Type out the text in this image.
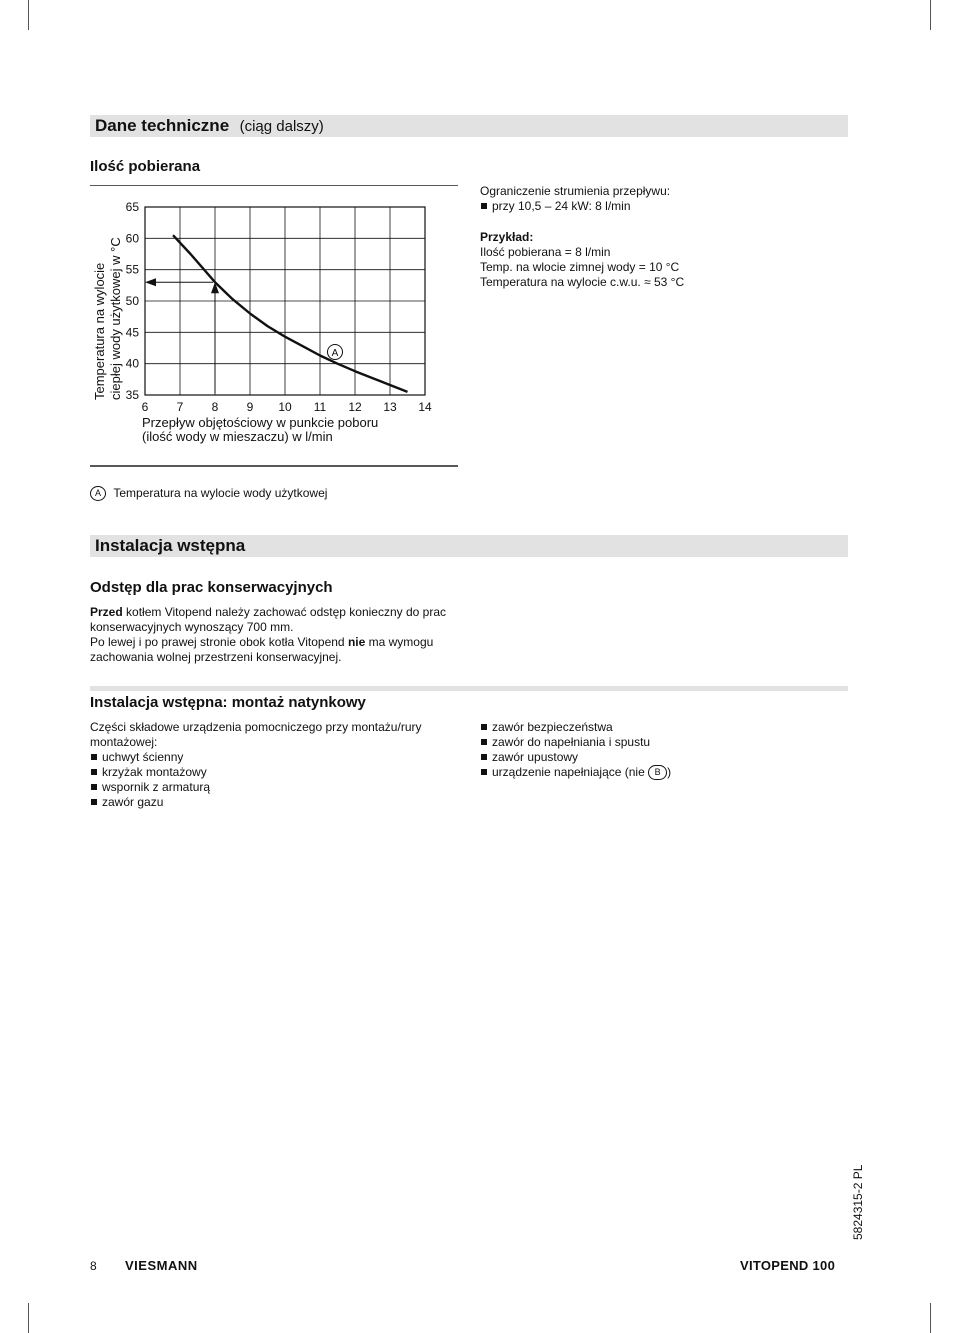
Dane techniczne (ciąg dalszy)
Ilość pobierana
6 7 8 9 10 11 12 13 14
65
60
55
50
45
40
35
Temperatura na wylocie ciepłej wody użytkowej w °C
Przepływ objętościowy w punkcie poboru
(ilość wody w mieszaczu) w l/min
A
Ograniczenie strumienia przepływu:
przy 10,5 – 24 kW: 8 l/min
Przykład:
Ilość pobierana = 8 l/min
Temp. na wlocie zimnej wody = 10 °C
Temperatura na wylocie c.w.u. ≈ 53 °C
A Temperatura na wylocie wody użytkowej
Instalacja wstępna
Odstęp dla prac konserwacyjnych
Przed kotłem Vitopend należy zachować odstęp konieczny do prac konserwacyjnych wynoszący 700 mm.
Po lewej i po prawej stronie obok kotła Vitopend nie ma wymogu zachowania wolnej przestrzeni konserwacyjnej.
Instalacja wstępna: montaż natynkowy
Części składowe urządzenia pomocniczego przy montażu/rury montażowej:
uchwyt ścienny
krzyżak montażowy
wspornik z armaturą
zawór gazu
zawór bezpieczeństwa
zawór do napełniania i spustu
zawór upustowy
urządzenie napełniające (nie B )
8 VIESMANN	VITOPEND 100
5824315-2 PL
